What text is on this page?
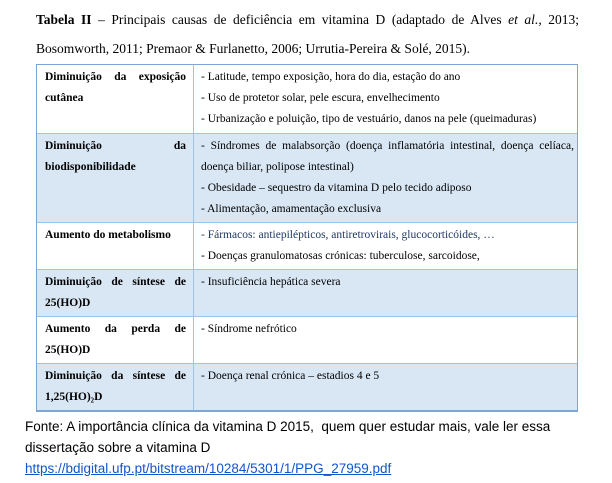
Tabela II – Principais causas de deficiência em vitamina D (adaptado de Alves et al., 2013; Bosomworth, 2011; Premaor & Furlanetto, 2006; Urrutia-Pereira & Solé, 2015).

Diminuição da exposição cutânea
- Latitude, tempo exposição, hora do dia, estação do ano
- Uso de protetor solar, pele escura, envelhecimento
- Urbanização e poluição, tipo de vestuário, danos na pele (queimaduras)
Diminuição da biodisponibilidade
- Síndromes de malabsorção (doença inflamatória intestinal, doença celíaca, doença biliar, polipose intestinal)
- Obesidade – sequestro da vitamina D pelo tecido adiposo
- Alimentação, amamentação exclusiva
Aumento do metabolismo	- Fármacos: antiepilépticos, antiretrovirais, glucocorticóides, …
- Doenças granulomatosas crónicas: tuberculose, sarcoidose,
Diminuição de síntese de 25(HO)D
- Insuficiência hepática severa
Aumento da perda de 25(HO)D
- Síndrome nefrótico
Diminuição da síntese de 1,25(HO)₂D
- Doença renal crónica – estadios 4 e 5

Fonte: A importância clínica da vitamina D 2015,  quem quer estudar mais, vale ler essa dissertação sobre a vitamina D

https://bdigital.ufp.pt/bitstream/10284/5301/1/PPG_27959.pdf
